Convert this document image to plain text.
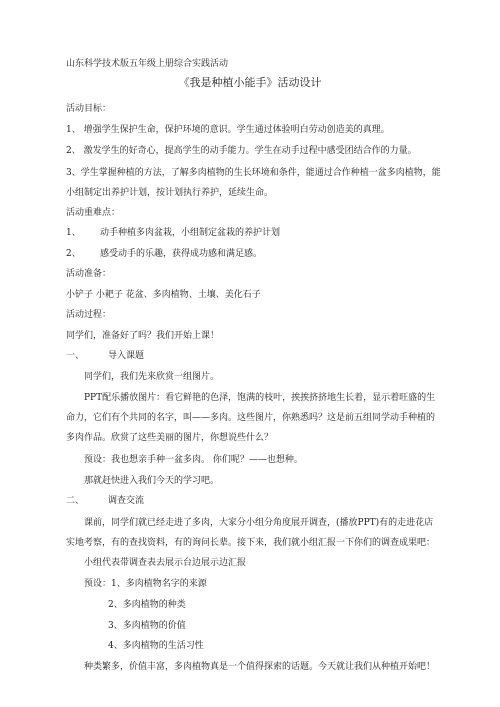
山东科学技术版五年级上册综合实践活动
《我是种植小能手》活动设计
活动目标：
1、 增强学生保护生命，保护环境的意识。学生通过体验明白劳动创造美的真理。
2、 激发学生的好奇心，提高学生的动手能力。学生在动手过程中感受团结合作的力量。
3、学生掌握种植的方法，了解多肉植物的生长环境和条件，能通过合作种植一盆多肉植物，能小组制定出养护计划，按计划执行养护，延续生命。
活动重难点：
1、 动手种植多肉盆栽，小组制定盆栽的养护计划
2、 感受动手的乐趣，获得成功感和满足感。
活动准备：
小铲子 小耙子 花盆、多肉植物、土壤、美化石子
活动过程：
同学们，准备好了吗？我们开始上课！
一、	导入课题
同学们，我们先来欣赏一组图片。
PPT配乐播放图片：看它鲜艳的色泽，饱满的枝叶，挨挨挤挤地生长着，显示着旺盛的生命力，它们有个共同的名字，叫——多肉。这些图片，你熟悉吗？这是前五组同学动手种植的多肉作品。欣赏了这些美丽的图片，你想说些什么？
预设：我也想亲手种一盆多肉。 你们呢？——也想种。
那就赶快进入我们今天的学习吧。
二、	调查交流
课前，同学们就已经走进了多肉，大家分小组分角度展开调查，(播放PPT)有的走进花店实地考察，有的查找资料，有的询问长辈。接下来，我们就小组汇报一下你们的调查成果吧：
小组代表带调查表去展示台边展示边汇报
预设：1、多肉植物名字的来源
2、多肉植物的种类
3、多肉植物的价值
4、多肉植物的生活习性
种类繁多，价值丰富，多肉植物真是一个值得探索的话题。今天就让我们从种植开始吧！
